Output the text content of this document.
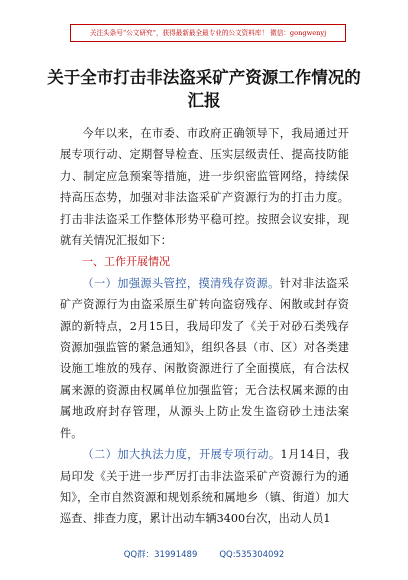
关注头条号“公文研究”，获得最新最全最专业的公文资料库！ 微信：gongwenyj
关于全市打击非法盗采矿产资源工作情况的汇报

今年以来，在市委、市政府正确领导下，我局通过开展专项行动、定期督导检查、压实层级责任、提高技防能力、制定应急预案等措施，进一步织密监管网络，持续保持高压态势，加强对非法盗采矿产资源行为的打击力度。打击非法盗采工作整体形势平稳可控。按照会议安排，现就有关情况汇报如下：

一、工作开展情况

（一）加强源头管控，摸清残存资源。针对非法盗采矿产资源行为由盗采原生矿转向盗窃残存、闲散或封存资源的新特点，2月15日，我局印发了《关于对砂石类残存资源加强监管的紧急通知》，组织各县（市、区）对各类建设施工堆放的残存、闲散资源进行了全面摸底，有合法权属来源的资源由权属单位加强监管；无合法权属来源的由属地政府封存管理，从源头上防止发生盗窃砂土违法案件。

（二）加大执法力度，开展专项行动。1月14日，我局印发《关于进一步严厉打击非法盗采矿产资源行为的通知》，全市自然资源和规划系统和属地乡（镇、街道）加大巡查、排查力度，累计出动车辆3400台次，出动人员1

QQ群：31991489	QQ:535304092
